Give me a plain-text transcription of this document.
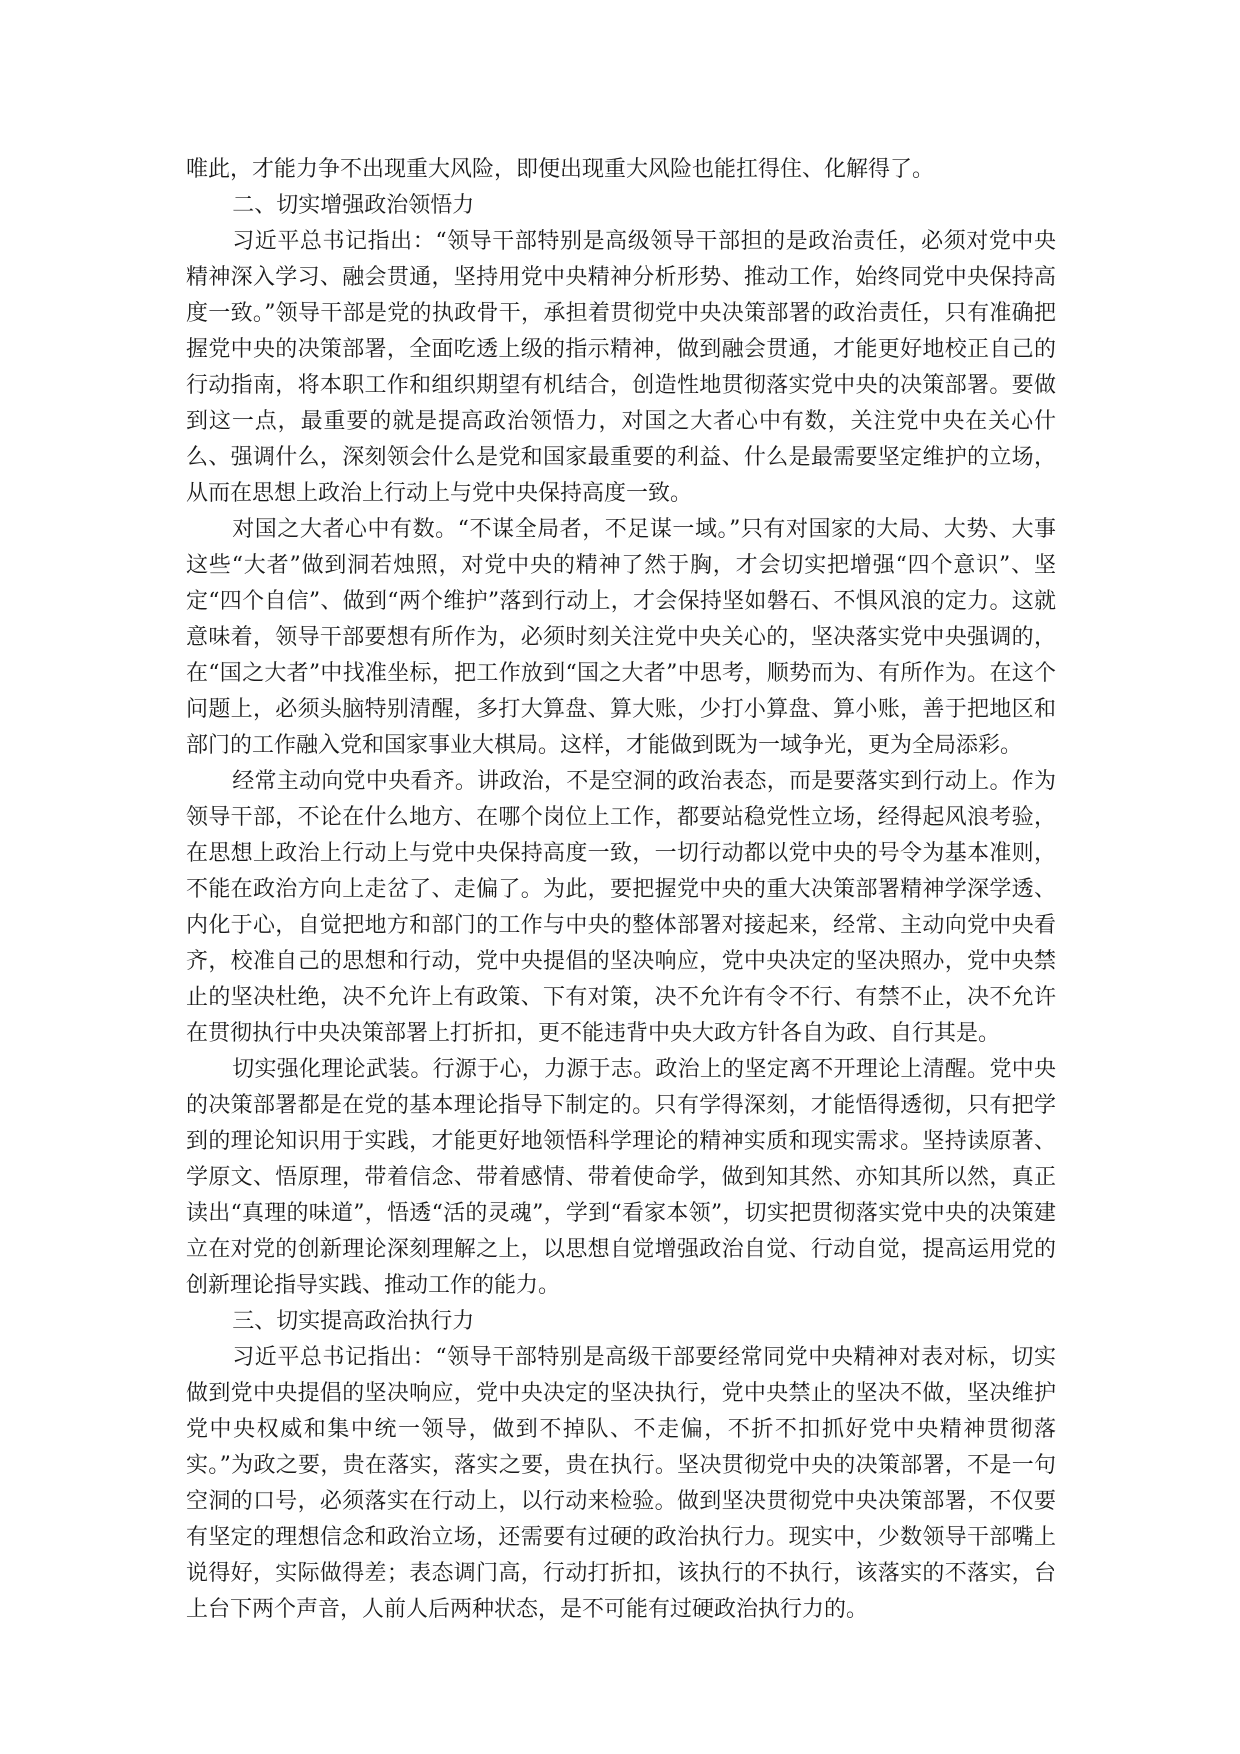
唯此，才能力争不出现重大风险，即便出现重大风险也能扛得住、化解得了。

二、切实增强政治领悟力

习近平总书记指出：“领导干部特别是高级领导干部担的是政治责任，必须对党中央精神深入学习、融会贯通，坚持用党中央精神分析形势、推动工作，始终同党中央保持高度一致。”领导干部是党的执政骨干，承担着贯彻党中央决策部署的政治责任，只有准确把握党中央的决策部署，全面吃透上级的指示精神，做到融会贯通，才能更好地校正自己的行动指南，将本职工作和组织期望有机结合，创造性地贯彻落实党中央的决策部署。要做到这一点，最重要的就是提高政治领悟力，对国之大者心中有数，关注党中央在关心什么、强调什么，深刻领会什么是党和国家最重要的利益、什么是最需要坚定维护的立场，从而在思想上政治上行动上与党中央保持高度一致。

对国之大者心中有数。“不谋全局者，不足谋一域。”只有对国家的大局、大势、大事这些“大者”做到洞若烛照，对党中央的精神了然于胸，才会切实把增强“四个意识”、坚定“四个自信”、做到“两个维护”落到行动上，才会保持坚如磐石、不惧风浪的定力。这就意味着，领导干部要想有所作为，必须时刻关注党中央关心的，坚决落实党中央强调的，在“国之大者”中找准坐标，把工作放到“国之大者”中思考，顺势而为、有所作为。在这个问题上，必须头脑特别清醒，多打大算盘、算大账，少打小算盘、算小账，善于把地区和部门的工作融入党和国家事业大棋局。这样，才能做到既为一域争光，更为全局添彩。

经常主动向党中央看齐。讲政治，不是空洞的政治表态，而是要落实到行动上。作为领导干部，不论在什么地方、在哪个岗位上工作，都要站稳党性立场，经得起风浪考验，在思想上政治上行动上与党中央保持高度一致，一切行动都以党中央的号令为基本准则，不能在政治方向上走岔了、走偏了。为此，要把握党中央的重大决策部署精神学深学透、内化于心，自觉把地方和部门的工作与中央的整体部署对接起来，经常、主动向党中央看齐，校准自己的思想和行动，党中央提倡的坚决响应，党中央决定的坚决照办，党中央禁止的坚决杜绝，决不允许上有政策、下有对策，决不允许有令不行、有禁不止，决不允许在贯彻执行中央决策部署上打折扣，更不能违背中央大政方针各自为政、自行其是。

切实强化理论武装。行源于心，力源于志。政治上的坚定离不开理论上清醒。党中央的决策部署都是在党的基本理论指导下制定的。只有学得深刻，才能悟得透彻，只有把学到的理论知识用于实践，才能更好地领悟科学理论的精神实质和现实需求。坚持读原著、学原文、悟原理，带着信念、带着感情、带着使命学，做到知其然、亦知其所以然，真正读出“真理的味道”，悟透“活的灵魂”，学到“看家本领”，切实把贯彻落实党中央的决策建立在对党的创新理论深刻理解之上，以思想自觉增强政治自觉、行动自觉，提高运用党的创新理论指导实践、推动工作的能力。

三、切实提高政治执行力

习近平总书记指出：“领导干部特别是高级干部要经常同党中央精神对表对标，切实做到党中央提倡的坚决响应，党中央决定的坚决执行，党中央禁止的坚决不做，坚决维护党中央权威和集中统一领导，做到不掉队、不走偏，不折不扣抓好党中央精神贯彻落实。”为政之要，贵在落实，落实之要，贵在执行。坚决贯彻党中央的决策部署，不是一句空洞的口号，必须落实在行动上，以行动来检验。做到坚决贯彻党中央决策部署，不仅要有坚定的理想信念和政治立场，还需要有过硬的政治执行力。现实中，少数领导干部嘴上说得好，实际做得差；表态调门高，行动打折扣，该执行的不执行，该落实的不落实，台上台下两个声音，人前人后两种状态，是不可能有过硬政治执行力的。
